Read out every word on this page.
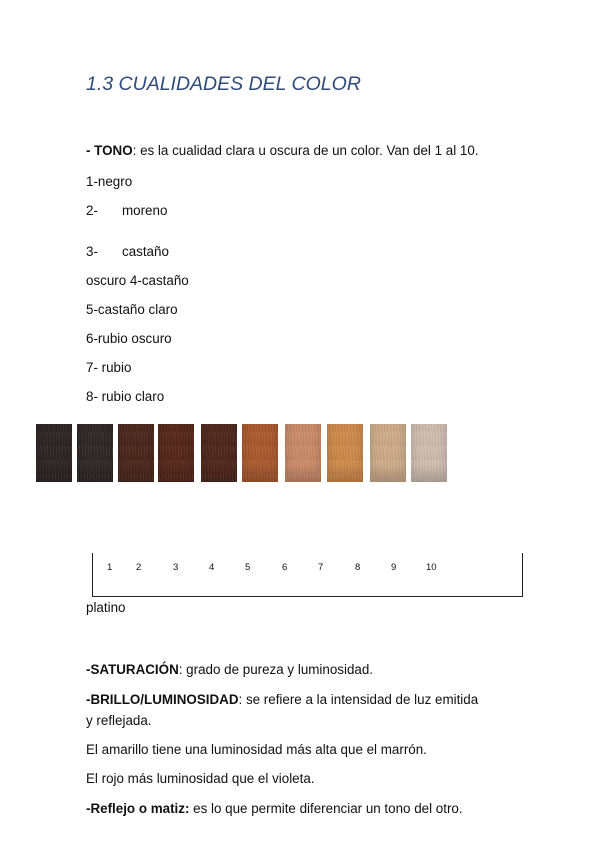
1.3 CUALIDADES DEL COLOR
- TONO: es la cualidad clara u oscura de un color. Van del 1 al 10.
1-negro
2- moreno
3- castaño
oscuro 4-castaño
5-castaño claro
6-rubio oscuro
7- rubio
8- rubio claro
1 2	3	4	5	6	7	8	9	10
platino
-SATURACIÓN: grado de pureza y luminosidad.
-BRILLO/LUMINOSIDAD: se refiere a la intensidad de luz emitida
y reflejada.
El amarillo tiene una luminosidad más alta que el marrón.
El rojo más luminosidad que el violeta.
-Reflejo o matiz: es lo que permite diferenciar un tono del otro.
